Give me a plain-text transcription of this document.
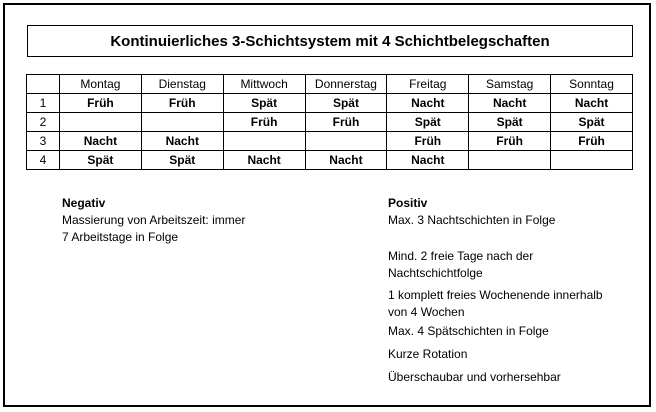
Kontinuierliches 3-Schichtsystem mit 4 Schichtbelegschaften
	Montag	Dienstag	Mittwoch	Donnerstag	Freitag	Samstag	Sonntag
1	Früh	Früh	Spät	Spät	Nacht	Nacht	Nacht
2			Früh	Früh	Spät	Spät	Spät
3	Nacht	Nacht			Früh	Früh	Früh
4	Spät	Spät	Nacht	Nacht	Nacht		
Negativ
Massierung von Arbeitszeit: immer
7 Arbeitstage in Folge
Positiv
Max. 3 Nachtschichten in Folge
Mind. 2 freie Tage nach der
Nachtschichtfolge
1 komplett freies Wochenende innerhalb
von 4 Wochen
Max. 4 Spätschichten in Folge
Kurze Rotation
Überschaubar und vorhersehbar
